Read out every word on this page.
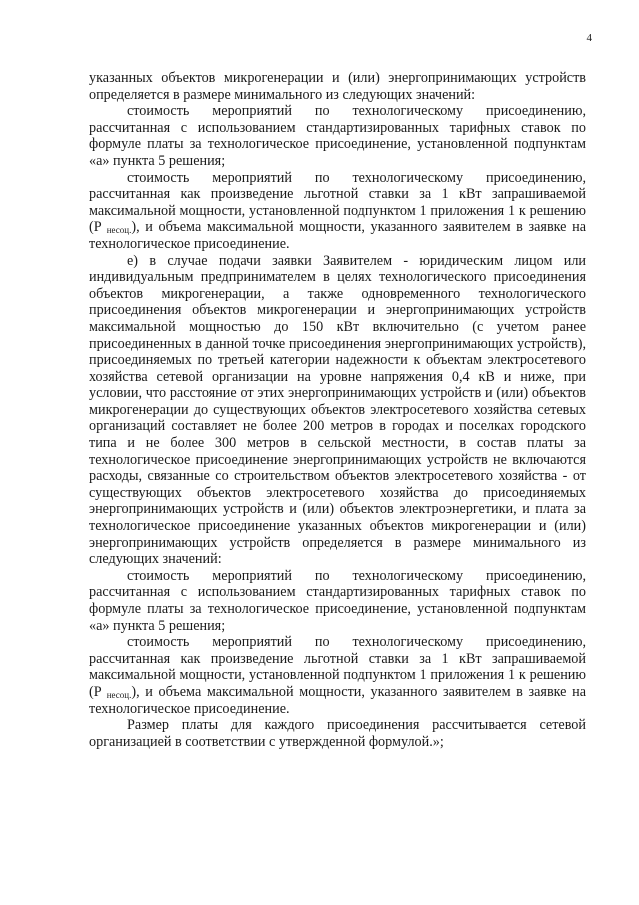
4

указанных объектов микрогенерации и (или) энергопринимающих устройств определяется в размере минимального из следующих значений:

стоимость мероприятий по технологическому присоединению, рассчитанная с использованием стандартизированных тарифных ставок по формуле платы за технологическое присоединение, установленной подпунктам «а» пункта 5 решения;

стоимость мероприятий по технологическому присоединению, рассчитанная как произведение льготной ставки за 1 кВт запрашиваемой максимальной мощности, установленной подпунктом 1 приложения 1 к решению (P $_{несоц.}$), и объема максимальной мощности, указанного заявителем в заявке на технологическое присоединение.

е) в случае подачи заявки Заявителем - юридическим лицом или индивидуальным предпринимателем в целях технологического присоединения объектов микрогенерации, а также одновременного технологического присоединения объектов микрогенерации и энергопринимающих устройств максимальной мощностью до 150 кВт включительно (с учетом ранее присоединенных в данной точке присоединения энергопринимающих устройств), присоединяемых по третьей категории надежности к объектам электросетевого хозяйства сетевой организации на уровне напряжения 0,4 кВ и ниже, при условии, что расстояние от этих энергопринимающих устройств и (или) объектов микрогенерации до существующих объектов электросетевого хозяйства сетевых организаций составляет не более 200 метров в городах и поселках городского типа и не более 300 метров в сельской местности, в состав платы за технологическое присоединение энергопринимающих устройств не включаются расходы, связанные со строительством объектов электросетевого хозяйства - от существующих объектов электросетевого хозяйства до присоединяемых энергопринимающих устройств и (или) объектов электроэнергетики, и плата за технологическое присоединение указанных объектов микрогенерации и (или) энергопринимающих устройств определяется в размере минимального из следующих значений:

стоимость мероприятий по технологическому присоединению, рассчитанная с использованием стандартизированных тарифных ставок по формуле платы за технологическое присоединение, установленной подпунктам «а» пункта 5 решения;

стоимость мероприятий по технологическому присоединению, рассчитанная как произведение льготной ставки за 1 кВт запрашиваемой максимальной мощности, установленной подпунктом 1 приложения 1 к решению (P $_{несоц.}$), и объема максимальной мощности, указанного заявителем в заявке на технологическое присоединение.

Размер платы для каждого присоединения рассчитывается сетевой организацией в соответствии с утвержденной формулой.»;
